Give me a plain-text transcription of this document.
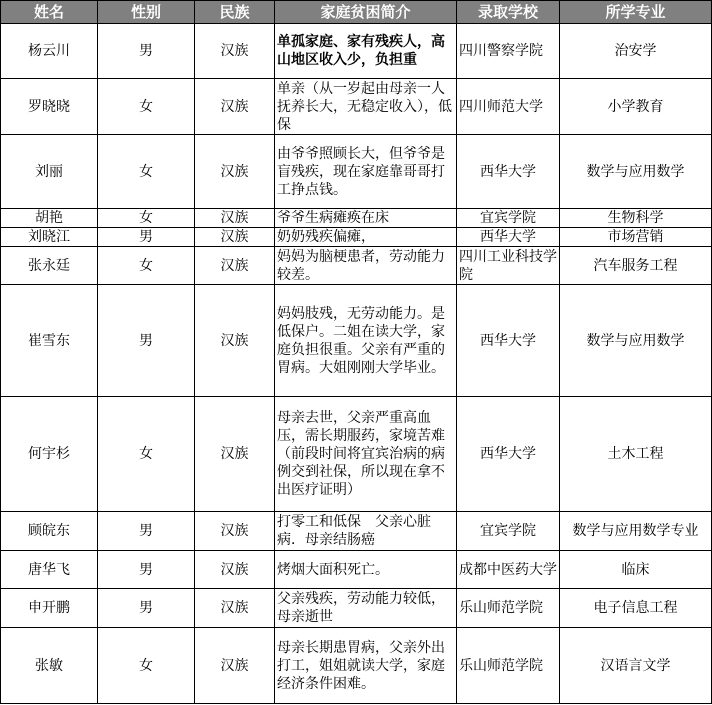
姓名	性别	民族	家庭贫困简介	录取学校	所学专业
杨云川	男	汉族	单孤家庭、家有残疾人，高山地区收入少，负担重	四川警察学院	治安学
罗晓晓	女	汉族	单亲（从一岁起由母亲一人抚养长大，无稳定收入），低保	四川师范大学	小学教育
刘丽	女	汉族	由爷爷照顾长大，但爷爷是盲残疾，现在家庭靠哥哥打工挣点钱。	西华大学	数学与应用数学
胡艳	女	汉族	爷爷生病瘫痪在床	宜宾学院	生物科学
刘晓江	男	汉族	奶奶残疾偏瘫，	西华大学	市场营销
张永廷	女	汉族	妈妈为脑梗患者，劳动能力较差。	四川工业科技学院	汽车服务工程
崔雪东	男	汉族	妈妈肢残，无劳动能力。是低保户。二姐在读大学，家庭负担很重。父亲有严重的胃病。大姐刚刚大学毕业。	西华大学	数学与应用数学
何宇杉	女	汉族	母亲去世，父亲严重高血压，需长期服药，家境苦难（前段时间将宜宾治病的病例交到社保，所以现在拿不出医疗证明）	西华大学	土木工程
顾皖东	男	汉族	打零工和低保　父亲心脏病．母亲结肠癌	宜宾学院	数学与应用数学专业
唐华飞	男	汉族	烤烟大面积死亡。	成都中医药大学	临床
申开鹏	男	汉族	父亲残疾，劳动能力较低，母亲逝世	乐山师范学院	电子信息工程
张敏	女	汉族	母亲长期患胃病，父亲外出打工，姐姐就读大学，家庭经济条件困难。	乐山师范学院	汉语言文学
